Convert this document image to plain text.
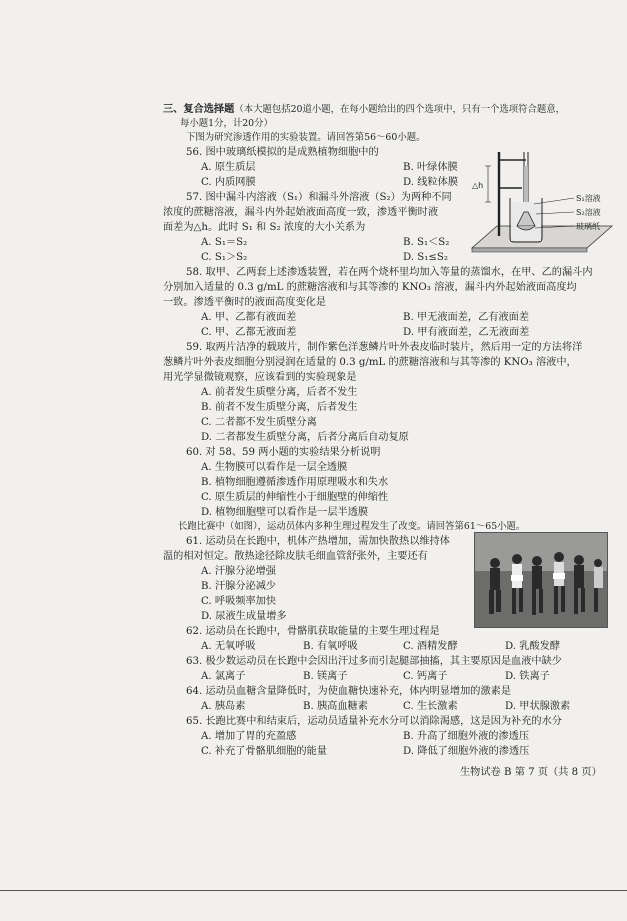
三、复合选择题（本大题包括20道小题，在每小题给出的四个选项中，只有一个选项符合题意，
每小题1分，计20分）
下图为研究渗透作用的实验装置。请回答第56～60小题。
56. 图中玻璃纸模拟的是成熟植物细胞中的
A. 原生质层	B. 叶绿体膜
C. 内质网膜	D. 线粒体膜
57. 图中漏斗内溶液（S₁）和漏斗外溶液（S₂）为两种不同
浓度的蔗糖溶液，漏斗内外起始液面高度一致，渗透平衡时液
面差为△h。此时 S₁ 和 S₂ 浓度的大小关系为
A. S₁＝S₂	B. S₁＜S₂
C. S₁＞S₂	D. S₁≤S₂
△h
S₁溶液
S₂溶液
玻璃纸
58. 取甲、乙两套上述渗透装置，若在两个烧杯里均加入等量的蒸馏水，在甲、乙的漏斗内
分别加入适量的 0.3 g/mL 的蔗糖溶液和与其等渗的 KNO₃ 溶液，漏斗内外起始液面高度均
一致。渗透平衡时的液面高度变化是
A. 甲、乙都有液面差	B. 甲无液面差，乙有液面差
C. 甲、乙都无液面差	D. 甲有液面差，乙无液面差
59. 取两片洁净的载玻片，制作紫色洋葱鳞片叶外表皮临时装片，然后用一定的方法将洋
葱鳞片叶外表皮细胞分别浸润在适量的 0.3 g/mL 的蔗糖溶液和与其等渗的 KNO₃ 溶液中，
用光学显微镜观察，应该看到的实验现象是
A. 前者发生质壁分离，后者不发生
B. 前者不发生质壁分离，后者发生
C. 二者都不发生质壁分离
D. 二者都发生质壁分离，后者分离后自动复原
60. 对 58、59 两小题的实验结果分析说明
A. 生物膜可以看作是一层全透膜
B. 植物细胞遵循渗透作用原理吸水和失水
C. 原生质层的伸缩性小于细胞壁的伸缩性
D. 植物细胞壁可以看作是一层半透膜
长跑比赛中（如图），运动员体内多种生理过程发生了改变。请回答第61～65小题。
61. 运动员在长跑中，机体产热增加，需加快散热以维持体
温的相对恒定。散热途径除皮肤毛细血管舒张外，主要还有
A. 汗腺分泌增强
B. 汗腺分泌减少
C. 呼吸频率加快
D. 尿液生成量增多
62. 运动员在长跑中，骨骼肌获取能量的主要生理过程是
A. 无氧呼吸	B. 有氧呼吸	C. 酒精发酵	D. 乳酸发酵
63. 极少数运动员在长跑中会因出汗过多而引起腿部抽搐，其主要原因是血液中缺少
A. 氯离子	B. 镁离子	C. 钙离子	D. 铁离子
64. 运动员血糖含量降低时，为使血糖快速补充，体内明显增加的激素是
A. 胰岛素	B. 胰高血糖素	C. 生长激素	D. 甲状腺激素
65. 长跑比赛中和结束后，运动员适量补充水分可以消除渴感，这是因为补充的水分
A. 增加了胃的充盈感	B. 升高了细胞外液的渗透压
C. 补充了骨骼肌细胞的能量	D. 降低了细胞外液的渗透压
生物试卷 B 第 7 页（共 8 页）
